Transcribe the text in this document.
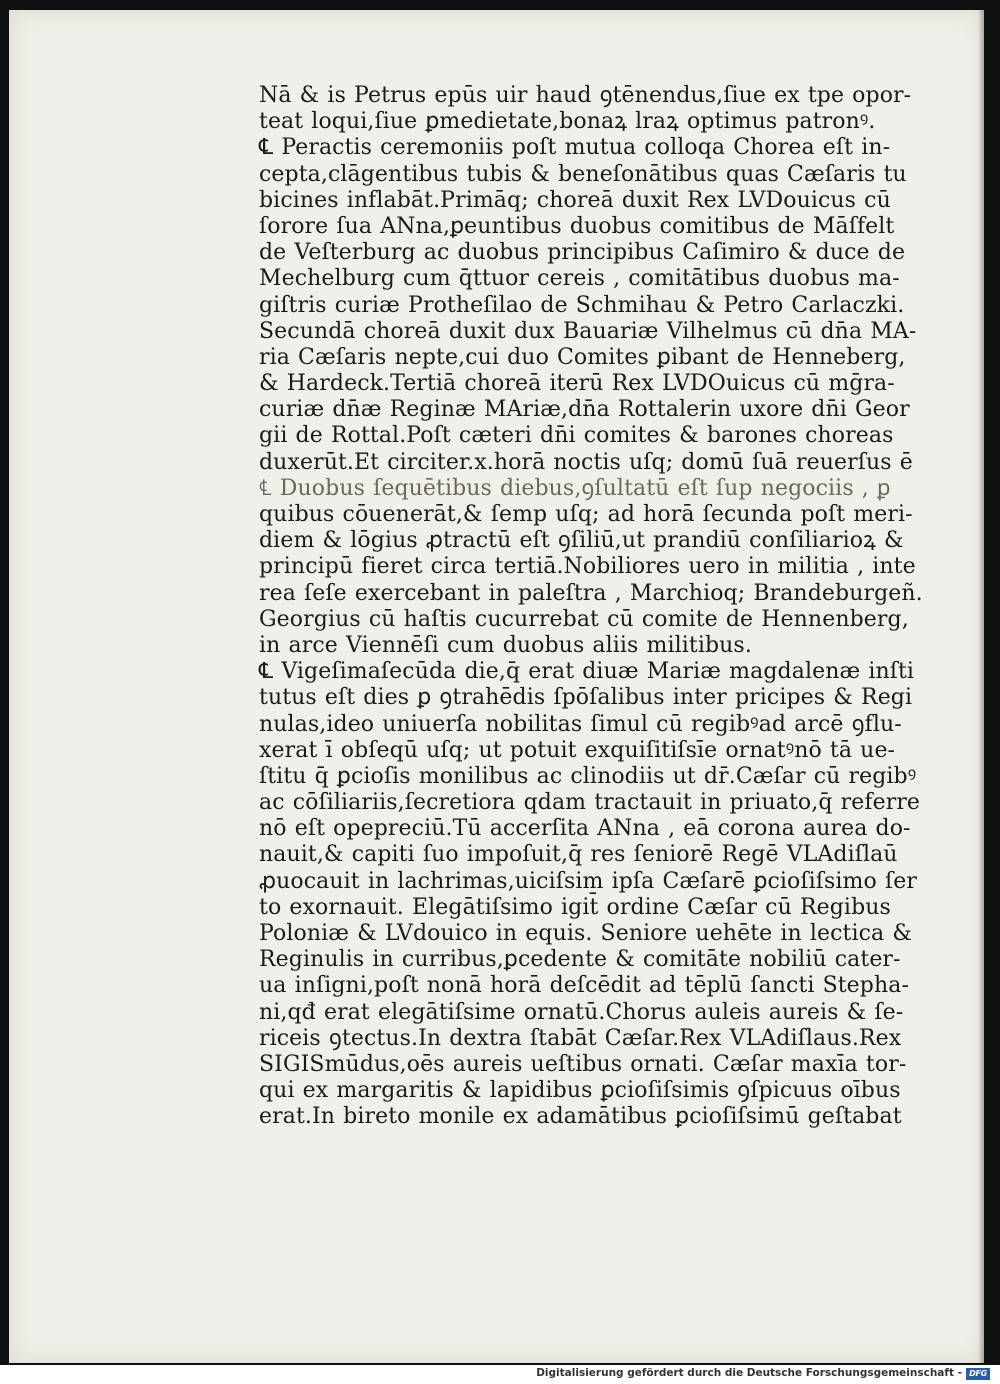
Nā & is Petrus epūs uir haud ꝯtēnendus,ſiue ex tpe opor-
teat loqui,ſiue ꝑmedietate,bonaꝝ lraꝝ optimus patronꝰ.
℄ Peractis ceremoniis poſt mutua colloqa Chorea eſt in-
cepta,clāgentibus tubis & beneſonātibus quas Cæſaris tu
bicines inflabāt.Primāq; choreā duxit Rex LVDouicus cū
ſorore ſua ANna,ꝑeuntibus duobus comitibus de Māſfelt
de Veſterburg ac duobus principibus Caſimiro & duce de
Mechelburg cum q̄ttuor cereis , comitātibus duobus ma-
giſtris curiæ Protheſilao de Schmihau & Petro Carlaczki.
Secundā choreā duxit dux Bauariæ Vilhelmus cū dn̄a MA-
ria Cæſaris nepte,cui duo Comites ꝑibant de Henneberg,
& Hardeck.Tertiā choreā iterū Rex LVDOuicus cū mḡra-
curiæ dn̄æ Reginæ MAriæ,dn̄a Rottalerin uxore dn̄i Geor
gii de Rottal.Poſt cæteri dn̄i comites & barones choreas
duxerūt.Et circiter.x.horā noctis uſq; domū ſuā reuerſus ē
℄ Duobus ſequētibus diebus,ꝯſultatū eſt ſup negociis , ꝑ
quibus cōuenerāt,& ſemp uſq; ad horā ſecunda poſt meri-
diem & lōgius ꝓtractū eſt ꝯſiliū,ut prandiū conſiliarioꝝ &
principū fieret circa tertiā.Nobiliores uero in militia , inte
rea ſeſe exercebant in paleſtra , Marchioq; Brandeburgeñ.
Georgius cū haſtis cucurrebat cū comite de Hennenberg,
in arce Viennēſi cum duobus aliis militibus.
℄ Vigeſimaſecūda die,q̄ erat diuæ Mariæ magdalenæ inſti
tutus eſt dies ꝑ ꝯtrahēdis ſpōſalibus inter pricipes & Regi
nulas,ideo uniuerſa nobilitas ſimul cū regibꝰad arcē ꝯflu-
xerat ī obſeqū uſq; ut potuit exquiſitiſsīe ornatꝰnō tā ue-
ſtitu q̄ ꝑcioſis monilibus ac clinodiis ut dr̄.Cæſar cū regibꝰ
ac cōſiliariis,ſecretiora qdam tractauit in priuato,q̄ referre
nō eſt opepreciū.Tū accerſita ANna , eā corona aurea do-
nauit,& capiti ſuo impoſuit,q̄ res ſeniorē Regē VLAdiſlaū
ꝓuocauit in lachrimas,uiciſsim ipſa Cæſarē ꝑcioſiſsimo ſer
to exornauit. Elegātiſsimo igit̄ ordine Cæſar cū Regibus
Poloniæ & LVdouico in equis. Seniore uehēte in lectica &
Reginulis in curribus,ꝑcedente & comitāte nobiliū cater-
ua inſigni,poſt nonā horā deſcēdit ad tēplū ſancti Stepha-
ni,qđ erat elegātiſsime ornatū.Chorus auleis aureis & ſe-
riceis ꝯtectus.In dextra ſtabāt Cæſar.Rex VLAdiſlaus.Rex
SIGISmūdus,oēs aureis ueſtibus ornati. Cæſar maxīa tor-
qui ex margaritis & lapidibus ꝑcioſiſsimis ꝯſpicuus oībus
erat.In bireto monile ex adamātibus ꝑcioſiſsimū geſtabat
Digitalisierung gefördert durch die Deutsche Forschungsgemeinschaft - DFG
